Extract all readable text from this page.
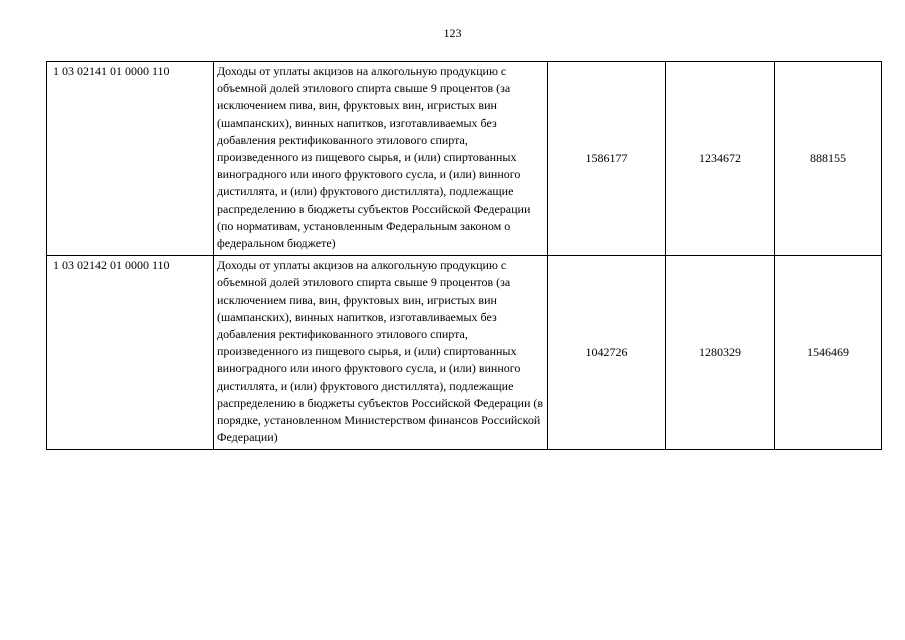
123
1 03 02141 01 0000 110	Доходы от уплаты акцизов на алкогольную продукцию с объемной долей этилового спирта свыше 9 процентов (за исключением пива, вин, фруктовых вин, игристых вин (шампанских), винных напитков, изготавливаемых без добавления ректификованного этилового спирта, произведенного из пищевого сырья, и (или) спиртованных виноградного или иного фруктового сусла, и (или) винного дистиллята, и (или) фруктового дистиллята), подлежащие распределению в бюджеты субъектов Российской Федерации (по нормативам, установленным Федеральным законом о федеральном бюджете)	1586177	1234672	888155
1 03 02142 01 0000 110	Доходы от уплаты акцизов на алкогольную продукцию с объемной долей этилового спирта свыше 9 процентов (за исключением пива, вин, фруктовых вин, игристых вин (шампанских), винных напитков, изготавливаемых без добавления ректификованного этилового спирта, произведенного из пищевого сырья, и (или) спиртованных виноградного или иного фруктового сусла, и (или) винного дистиллята, и (или) фруктового дистиллята), подлежащие распределению в бюджеты субъектов Российской Федерации (в порядке, установленном Министерством финансов Российской Федерации)	1042726	1280329	1546469
